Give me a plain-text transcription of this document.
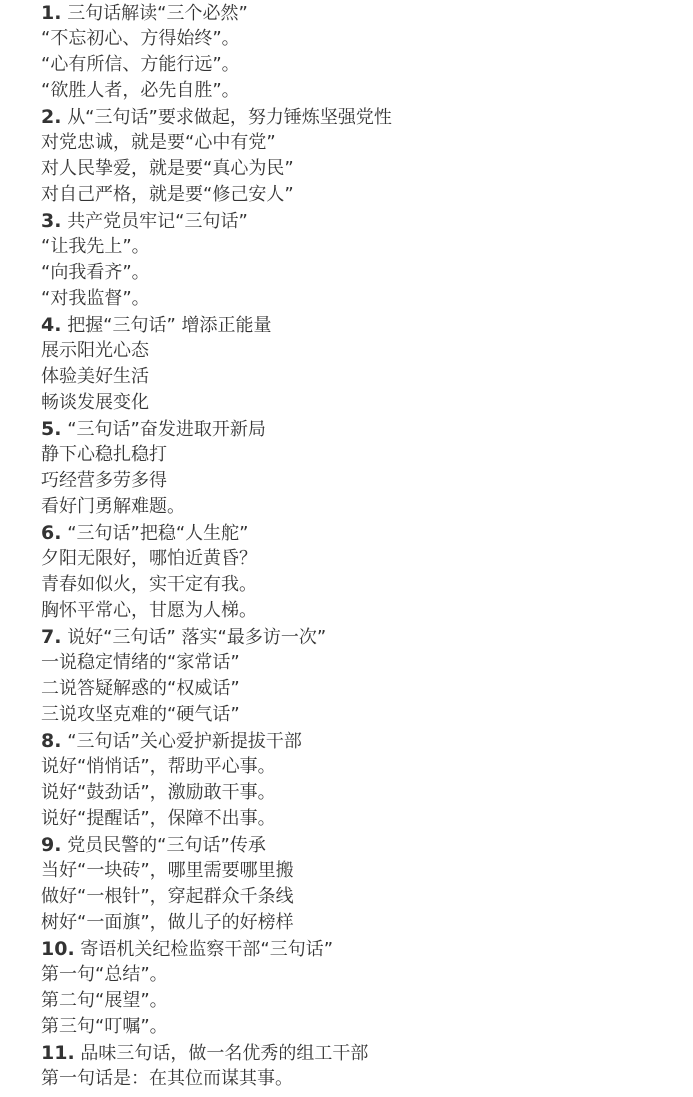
1. 三句话解读“三个必然”
“不忘初心、方得始终”。
“心有所信、方能行远”。
“欲胜人者，必先自胜”。
2. 从“三句话”要求做起，努力锤炼坚强党性
对党忠诚，就是要“心中有党”
对人民挚爱，就是要“真心为民”
对自己严格，就是要“修己安人”
3. 共产党员牢记“三句话”
“让我先上”。
“向我看齐”。
“对我监督”。
4. 把握“三句话” 增添正能量
展示阳光心态
体验美好生活
畅谈发展变化
5. “三句话”奋发进取开新局
静下心稳扎稳打
巧经营多劳多得
看好门勇解难题。
6. “三句话”把稳“人生舵”
夕阳无限好，哪怕近黄昏？
青春如似火，实干定有我。
胸怀平常心，甘愿为人梯。
7. 说好“三句话” 落实“最多访一次”
一说稳定情绪的“家常话”
二说答疑解惑的“权威话”
三说攻坚克难的“硬气话”
8. “三句话”关心爱护新提拔干部
说好“悄悄话”，帮助平心事。
说好“鼓劲话”，激励敢干事。
说好“提醒话”，保障不出事。
9. 党员民警的“三句话”传承
当好“一块砖”，哪里需要哪里搬
做好“一根针”，穿起群众千条线
树好“一面旗”，做儿子的好榜样
10. 寄语机关纪检监察干部“三句话”
第一句“总结”。
第二句“展望”。
第三句“叮嘱”。
11. 品味三句话，做一名优秀的组工干部
第一句话是：在其位而谋其事。
